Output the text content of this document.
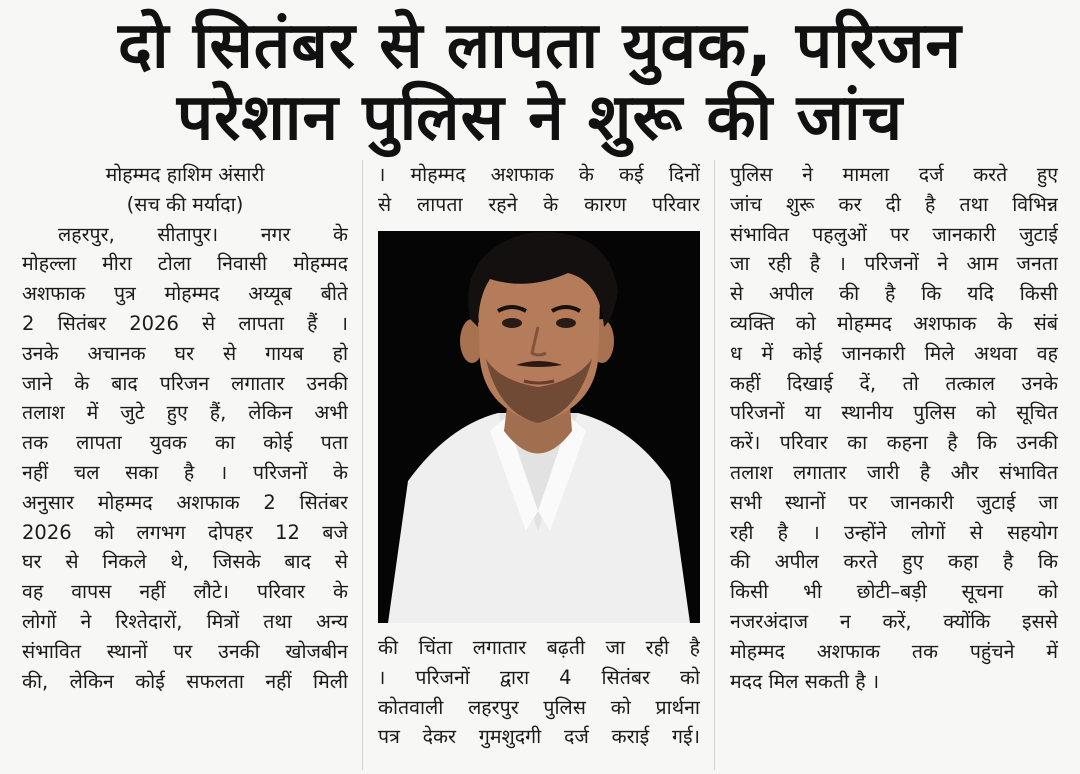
दो सितंबर से लापता युवक, परिजन
परेशान पुलिस ने शुरू की जांच
मोहम्मद हाशिम अंसारी
(सच की मर्यादा)
लहरपुर, सीतापुर। नगर के
मोहल्ला मीरा टोला निवासी मोहम्मद
अशफाक पुत्र मोहम्मद अय्यूब बीते
2 सितंबर 2026 से लापता हैं ।
उनके अचानक घर से गायब हो
जाने के बाद परिजन लगातार उनकी
तलाश में जुटे हुए हैं, लेकिन अभी
तक लापता युवक का कोई पता
नहीं चल सका है । परिजनों के
अनुसार मोहम्मद अशफाक 2 सितंबर
2026 को लगभग दोपहर 12 बजे
घर से निकले थे, जिसके बाद से
वह वापस नहीं लौटे। परिवार के
लोगों ने रिश्तेदारों, मित्रों तथा अन्य
संभावित स्थानों पर उनकी खोजबीन
की, लेकिन कोई सफलता नहीं मिली
। मोहम्मद अशफाक के कई दिनों
से लापता रहने के कारण परिवार
की चिंता लगातार बढ़ती जा रही है
। परिजनों द्वारा 4 सितंबर को
कोतवाली लहरपुर पुलिस को प्रार्थना
पत्र देकर गुमशुदगी दर्ज कराई गई।
पुलिस ने मामला दर्ज करते हुए
जांच शुरू कर दी है तथा विभिन्न
संभावित पहलुओं पर जानकारी जुटाई
जा रही है । परिजनों ने आम जनता
से अपील की है कि यदि किसी
व्यक्ति को मोहम्मद अशफाक के संबं
ध में कोई जानकारी मिले अथवा वह
कहीं दिखाई दें, तो तत्काल उनके
परिजनों या स्थानीय पुलिस को सूचित
करें। परिवार का कहना है कि उनकी
तलाश लगातार जारी है और संभावित
सभी स्थानों पर जानकारी जुटाई जा
रही है । उन्होंने लोगों से सहयोग
की अपील करते हुए कहा है कि
किसी भी छोटी–बड़ी सूचना को
नजरअंदाज न करें, क्योंकि इससे
मोहम्मद अशफाक तक पहुंचने में
मदद मिल सकती है ।
